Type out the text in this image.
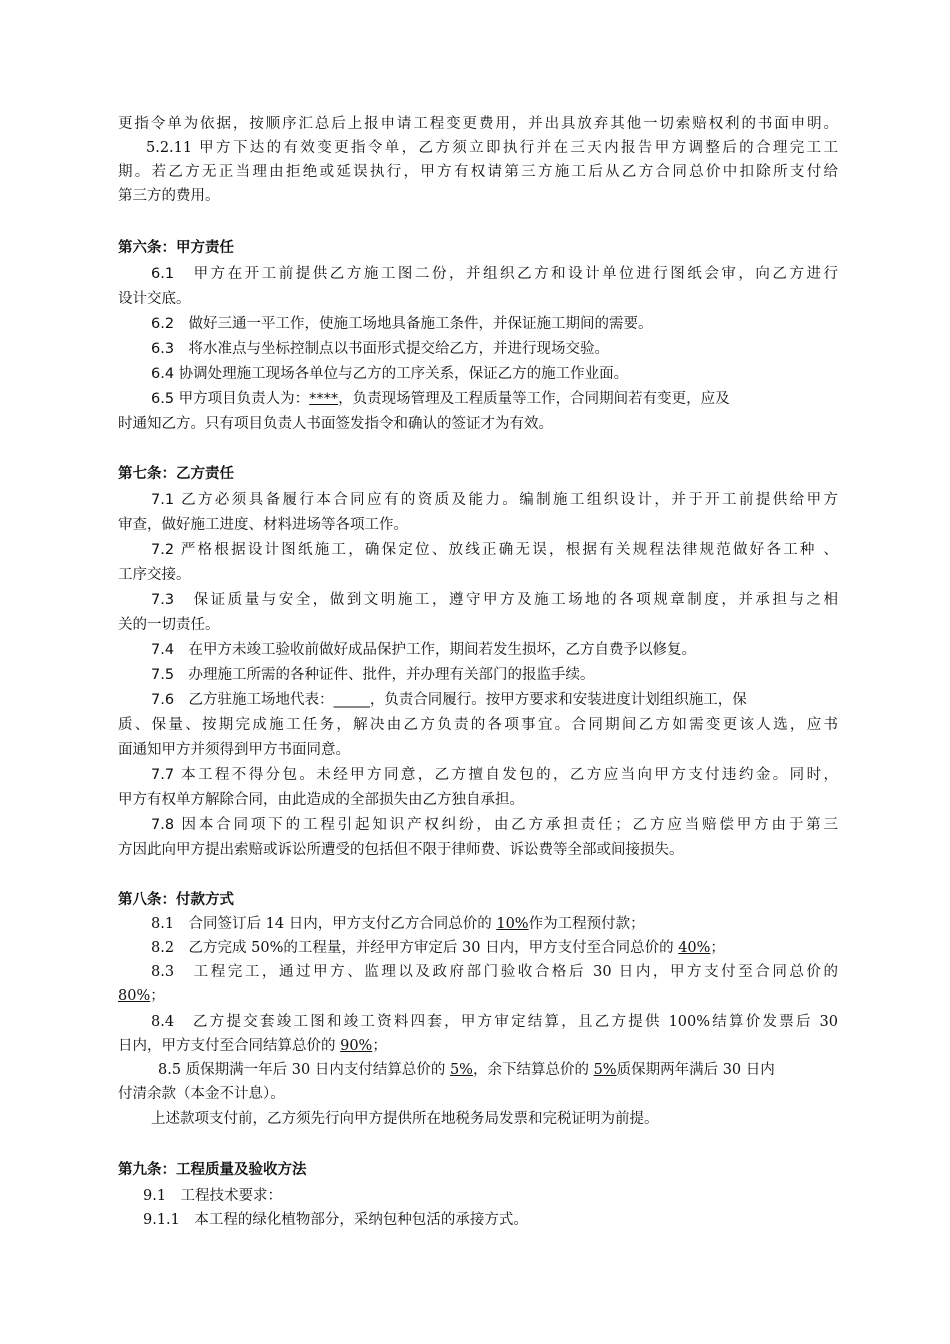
更指令单为依据，按顺序汇总后上报申请工程变更费用，并出具放弃其他一切索赔权利的书面申明。
5.2.11 甲方下达的有效变更指令单，乙方须立即执行并在三天内报告甲方调整后的合理完工工
期。若乙方无正当理由拒绝或延误执行，甲方有权请第三方施工后从乙方合同总价中扣除所支付给
第三方的费用。
第六条：甲方责任
6.1　甲方在开工前提供乙方施工图二份，并组织乙方和设计单位进行图纸会审，向乙方进行
设计交底。
6.2　做好三通一平工作，使施工场地具备施工条件，并保证施工期间的需要。
6.3　将水准点与坐标控制点以书面形式提交给乙方，并进行现场交验。
6.4 协调处理施工现场各单位与乙方的工序关系，保证乙方的施工作业面。
6.5 甲方项目负责人为：****，负责现场管理及工程质量等工作，合同期间若有变更，应及
时通知乙方。只有项目负责人书面签发指令和确认的签证才为有效。
第七条：乙方责任
7.1 乙方必须具备履行本合同应有的资质及能力。编制施工组织设计，并于开工前提供给甲方
审查，做好施工进度、材料进场等各项工作。
7.2 严格根据设计图纸施工，确保定位、放线正确无误，根据有关规程法律规范做好各工种 、
工序交接。
7.3　保证质量与安全，做到文明施工，遵守甲方及施工场地的各项规章制度，并承担与之相
关的一切责任。
7.4　在甲方未竣工验收前做好成品保护工作，期间若发生损坏，乙方自费予以修复。
7.5　办理施工所需的各种证件、批件，并办理有关部门的报监手续。
7.6　乙方驻施工场地代表：_____，负责合同履行。按甲方要求和安装进度计划组织施工，保
质、保量、按期完成施工任务，解决由乙方负责的各项事宜。合同期间乙方如需变更该人选，应书
面通知甲方并须得到甲方书面同意。
7.7 本工程不得分包。未经甲方同意，乙方擅自发包的，乙方应当向甲方支付违约金。同时，
甲方有权单方解除合同，由此造成的全部损失由乙方独自承担。
7.8 因本合同项下的工程引起知识产权纠纷，由乙方承担责任；乙方应当赔偿甲方由于第三
方因此向甲方提出索赔或诉讼所遭受的包括但不限于律师费、诉讼费等全部或间接损失。
第八条：付款方式
8.1　合同签订后 14 日内，甲方支付乙方合同总价的 10%作为工程预付款；
8.2　乙方完成 50%的工程量，并经甲方审定后 30 日内，甲方支付至合同总价的 40%；
8.3　工程完工，通过甲方、监理以及政府部门验收合格后 30 日内，甲方支付至合同总价的
80%；
8.4　乙方提交套竣工图和竣工资料四套，甲方审定结算，且乙方提供 100%结算价发票后 30
日内，甲方支付至合同结算总价的 90%；
8.5 质保期满一年后 30 日内支付结算总价的 5%，余下结算总价的 5%质保期两年满后 30 日内
付清余款（本金不计息）。
上述款项支付前，乙方须先行向甲方提供所在地税务局发票和完税证明为前提。
第九条：工程质量及验收方法
9.1　工程技术要求：
9.1.1　本工程的绿化植物部分，采纳包种包活的承接方式。
